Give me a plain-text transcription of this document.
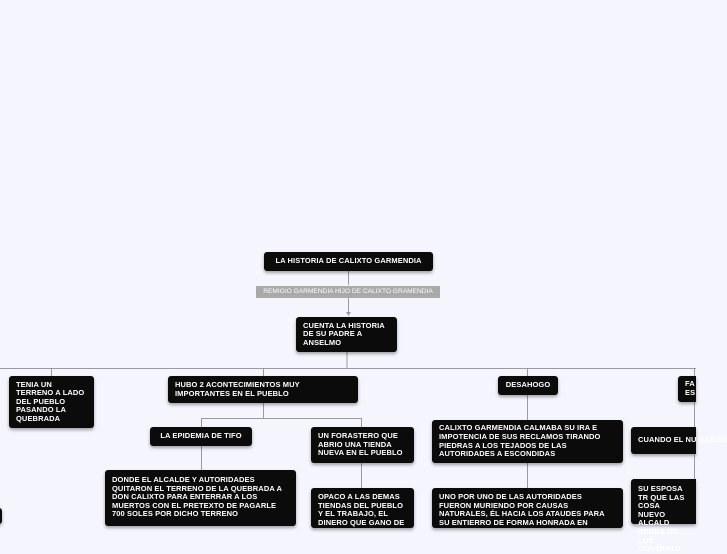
LA HISTORIA DE CALIXTO GARMENDIA
REMIGIO GARMENDIA HIJO DE CALIXTO GRAMENDIA
CUENTA LA HISTORIA DE SU PADRE A ANSELMO
TENIA UN TERRENO A LADO DEL PUEBLO PASANDO LA QUEBRADA
HUBO 2 ACONTECIMIENTOS MUY IMPORTANTES EN EL PUEBLO
LA EPIDEMIA DE TIFO	UN FORASTERO QUE ABRIO UNA TIENDA NUEVA EN EL PUEBLO
DONDE EL ALCALDE Y AUTORIDADES QUITARON EL TERRENO DE LA QUEBRADA A DON CALIXTO PARA ENTERRAR A LOS MUERTOS CON EL PRETEXTO DE PAGARLE 700 SOLES POR DICHO TERRENO
OPACO A LAS DEMAS TIENDAS DEL PUEBLO Y EL TRABAJO, EL DINERO QUE GANO DE
DESAHOGO
CALIXTO GARMENDIA CALMABA SU IRA E IMPOTENCIA DE SUS RECLAMOS TIRANDO PIEDRAS A LOS TEJADOS DE LAS AUTORIDADES A ESCONDIDAS
UNO POR UNO DE LAS AUTORIDADES FUERON MURIENDO POR CAUSAS NATURALES, ÉL HACIA LOS ATAUDES PARA SU ENTIERRO DE FORMA HONRADA EN
FA ES
CUANDO EL NU CARGO
SU ESPOSA TR QUE LAS COSA NUEVO ALCALD DEUDA DE LOS CONTRATO
